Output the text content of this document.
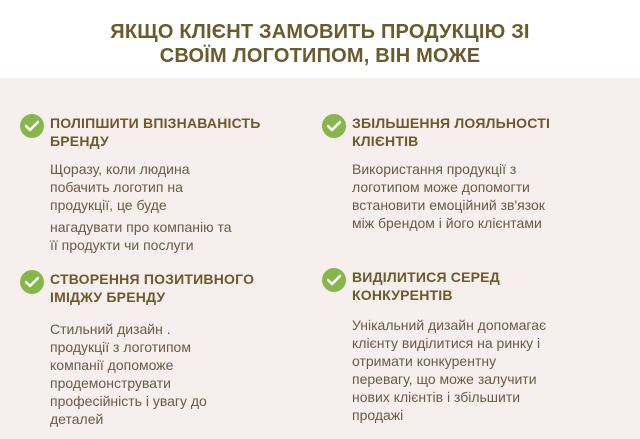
ЯКЩО КЛІЄНТ ЗАМОВИТЬ ПРОДУКЦІЮ ЗІ
СВОЇМ ЛОГОТИПОМ, ВІН МОЖЕ
ПОЛІПШИТИ ВПІЗНАВАНІСТЬ
БРЕНДУ
Щоразу, коли людина
побачить логотип на
продукції, це буде
нагадувати про компанію та
її продукти чи послуги
ЗБІЛЬШЕННЯ ЛОЯЛЬНОСТІ
КЛІЄНТІВ
Використання продукції з
логотипом може допомогти
встановити емоційний зв'язок
між брендом і його клієнтами
СТВОРЕННЯ ПОЗИТИВНОГО
ІМІДЖУ БРЕНДУ
Стильний дизайн .
продукції з логотипом
компанії допоможе
продемонструвати
професійність і увагу до
деталей
ВИДІЛИТИСЯ СЕРЕД
КОНКУРЕНТІВ
Унікальний дизайн допомагає
клієнту виділитися на ринку і
отримати конкурентну
перевагу, що може залучити
нових клієнтів і збільшити
продажі
